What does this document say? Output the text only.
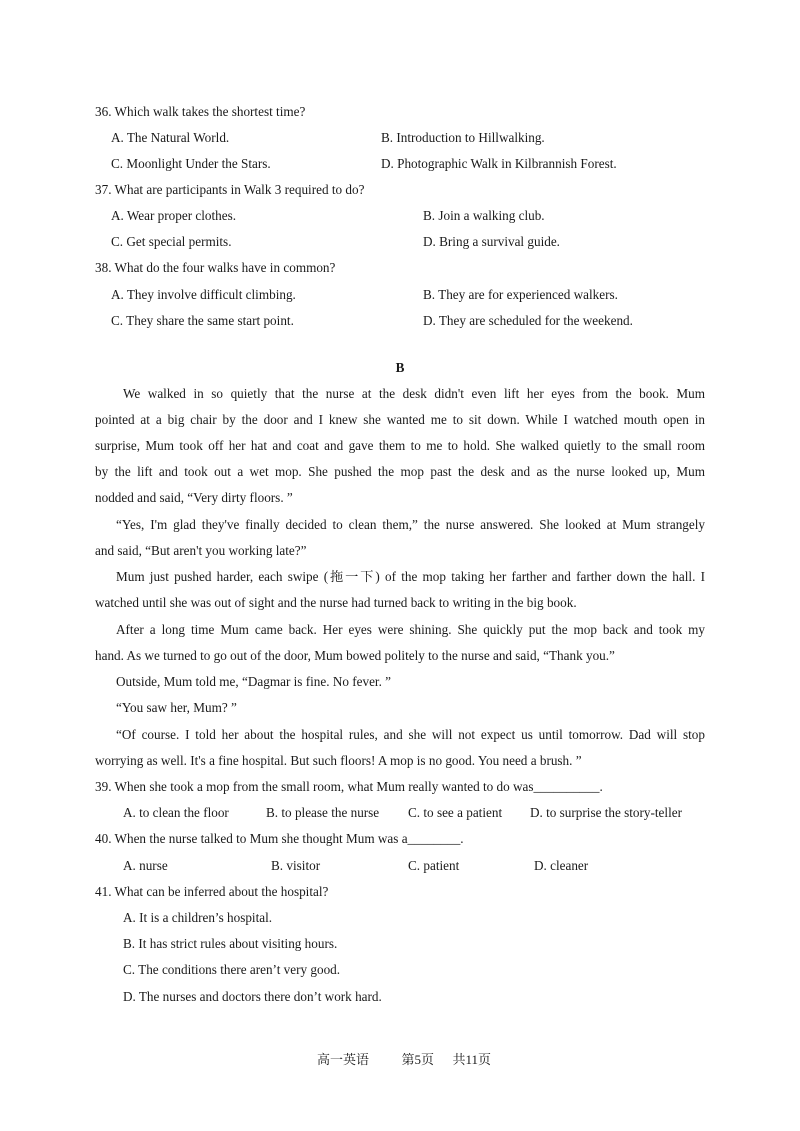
36. Which walk takes the shortest time?
A. The Natural World.	B. Introduction to Hillwalking.
C. Moonlight Under the Stars.	D. Photographic Walk in Kilbrannish Forest.
37. What are participants in Walk 3 required to do?
A. Wear proper clothes.	B. Join a walking club.
C. Get special permits.	D. Bring a survival guide.
38. What do the four walks have in common?
A. They involve difficult climbing.	B. They are for experienced walkers.
C. They share the same start point.	D. They are scheduled for the weekend.
B
We walked in so quietly that the nurse at the desk didn't even lift her eyes from the book. Mum
pointed at a big chair by the door and I knew she wanted me to sit down. While I watched mouth open in
surprise, Mum took off her hat and coat and gave them to me to hold. She walked quietly to the small room
by the lift and took out a wet mop. She pushed the mop past the desk and as the nurse looked up, Mum
nodded and said, “Very dirty floors. ”
“Yes, I'm glad they've finally decided to clean them,” the nurse answered. She looked at Mum strangely
and said, “But aren't you working late?”
Mum just pushed harder, each swipe (拖一下) of the mop taking her farther and farther down the hall. I
watched until she was out of sight and the nurse had turned back to writing in the big book.
After a long time Mum came back. Her eyes were shining. She quickly put the mop back and took my
hand. As we turned to go out of the door, Mum bowed politely to the nurse and said, “Thank you.”
Outside, Mum told me, “Dagmar is fine. No fever. ”
“You saw her, Mum? ”
“Of course. I told her about the hospital rules, and she will not expect us until tomorrow. Dad will stop
worrying as well. It's a fine hospital. But such floors! A mop is no good. You need a brush. ”
39. When she took a mop from the small room, what Mum really wanted to do was__________.
A. to clean the floor	B. to please the nurse C. to see a patient D. to surprise the story-teller
40. When the nurse talked to Mum she thought Mum was a________.
A. nurse	B. visitor	C. patient	D. cleaner
41. What can be inferred about the hospital?
A. It is a children’s hospital.
B. It has strict rules about visiting hours.
C. The conditions there aren’t very good.
D. The nurses and doctors there don’t work hard.
高一英语	第5页 共11页
